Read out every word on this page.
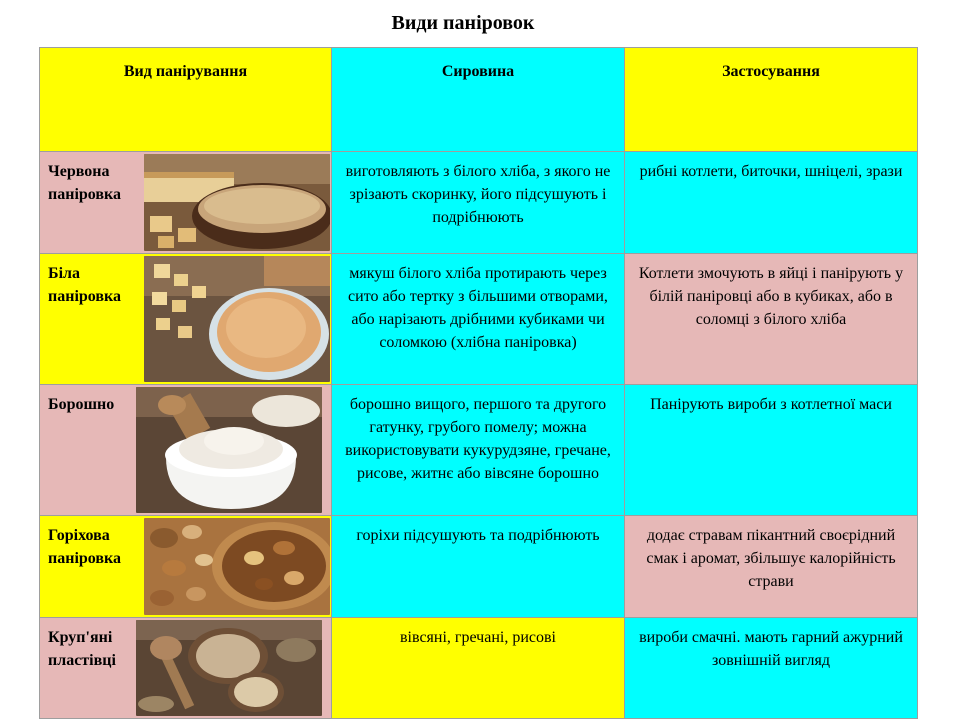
Види паніровок
Вид панірування	Сировина	Застосування

Червона паніровка	виготовляють з білого хліба, з якого не зрізають скоринку, його підсушують і подрібнюють	рибні котлети, биточки, шніцелі, зрази

Біла паніровка	мякуш білого хліба протирають через сито або тертку з більшими отворами, або нарізають дрібними кубиками чи соломкою (хлібна паніровка)	Котлети змочують в яйці і панірують у білій паніровці або в кубиках, або в соломці з білого хліба

Борошно	борошно вищого, першого та другого гатунку, грубого помелу; можна використовувати кукурудзяне, гречане, рисове, житнє або вівсяне борошно	Панірують вироби з котлетної маси

Горіхова паніровка	горіхи підсушують та подрібнюють	додає стравам пікантний своєрідний смак і аромат, збільшує калорійність страви

Круп'яні пластівці	вівсяні, гречані, рисові	вироби смачні. мають гарний ажурний зовнішній вигляд
